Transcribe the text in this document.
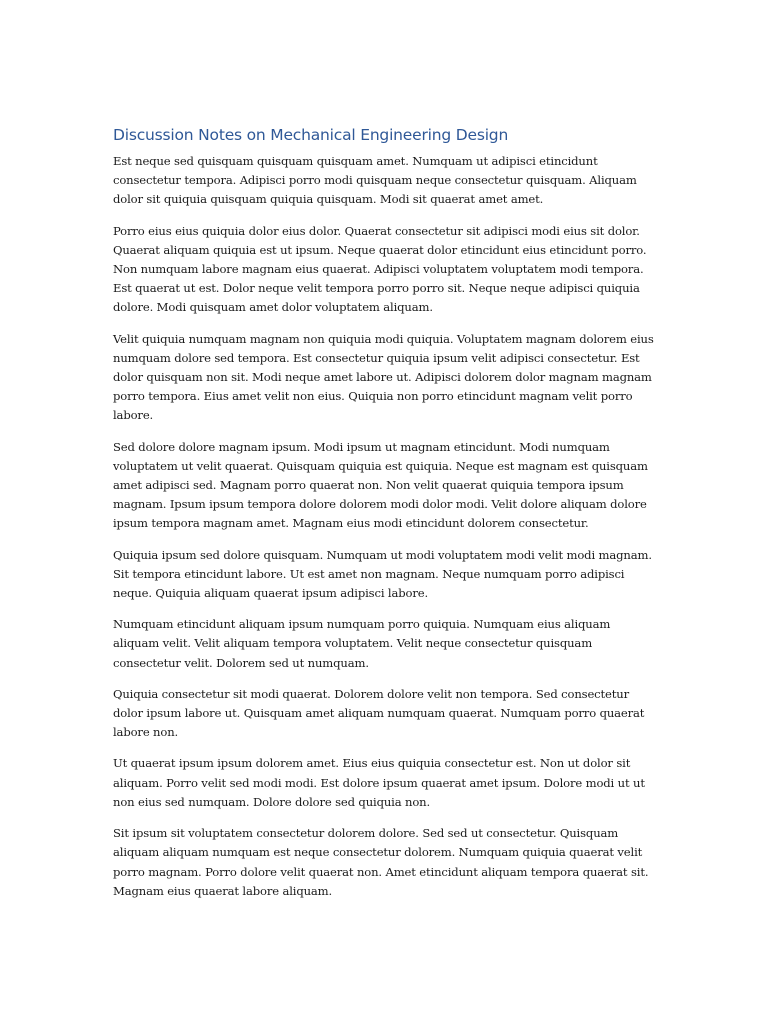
Discussion Notes on Mechanical Engineering Design

Est neque sed quisquam quisquam quisquam amet. Numquam ut adipisci etincidunt consectetur tempora. Adipisci porro modi quisquam neque consectetur quisquam. Aliquam dolor sit quiquia quisquam quiquia quisquam. Modi sit quaerat amet amet.

Porro eius eius quiquia dolor eius dolor. Quaerat consectetur sit adipisci modi eius sit dolor. Quaerat aliquam quiquia est ut ipsum. Neque quaerat dolor etincidunt eius etincidunt porro. Non numquam labore magnam eius quaerat. Adipisci voluptatem voluptatem modi tempora. Est quaerat ut est. Dolor neque velit tempora porro porro sit. Neque neque adipisci quiquia dolore. Modi quisquam amet dolor voluptatem aliquam.

Velit quiquia numquam magnam non quiquia modi quiquia. Voluptatem magnam dolorem eius numquam dolore sed tempora. Est consectetur quiquia ipsum velit adipisci consectetur. Est dolor quisquam non sit. Modi neque amet labore ut. Adipisci dolorem dolor magnam magnam porro tempora. Eius amet velit non eius. Quiquia non porro etincidunt magnam velit porro labore.

Sed dolore dolore magnam ipsum. Modi ipsum ut magnam etincidunt. Modi numquam voluptatem ut velit quaerat. Quisquam quiquia est quiquia. Neque est magnam est quisquam amet adipisci sed. Magnam porro quaerat non. Non velit quaerat quiquia tempora ipsum magnam. Ipsum ipsum tempora dolore dolorem modi dolor modi. Velit dolore aliquam dolore ipsum tempora magnam amet. Magnam eius modi etincidunt dolorem consectetur.

Quiquia ipsum sed dolore quisquam. Numquam ut modi voluptatem modi velit modi magnam. Sit tempora etincidunt labore. Ut est amet non magnam. Neque numquam porro adipisci neque. Quiquia aliquam quaerat ipsum adipisci labore.

Numquam etincidunt aliquam ipsum numquam porro quiquia. Numquam eius aliquam aliquam velit. Velit aliquam tempora voluptatem. Velit neque consectetur quisquam consectetur velit. Dolorem sed ut numquam.

Quiquia consectetur sit modi quaerat. Dolorem dolore velit non tempora. Sed consectetur dolor ipsum labore ut. Quisquam amet aliquam numquam quaerat. Numquam porro quaerat labore non.

Ut quaerat ipsum ipsum dolorem amet. Eius eius quiquia consectetur est. Non ut dolor sit aliquam. Porro velit sed modi modi. Est dolore ipsum quaerat amet ipsum. Dolore modi ut ut non eius sed numquam. Dolore dolore sed quiquia non.

Sit ipsum sit voluptatem consectetur dolorem dolore. Sed sed ut consectetur. Quisquam aliquam aliquam numquam est neque consectetur dolorem. Numquam quiquia quaerat velit porro magnam. Porro dolore velit quaerat non. Amet etincidunt aliquam tempora quaerat sit. Magnam eius quaerat labore aliquam.
